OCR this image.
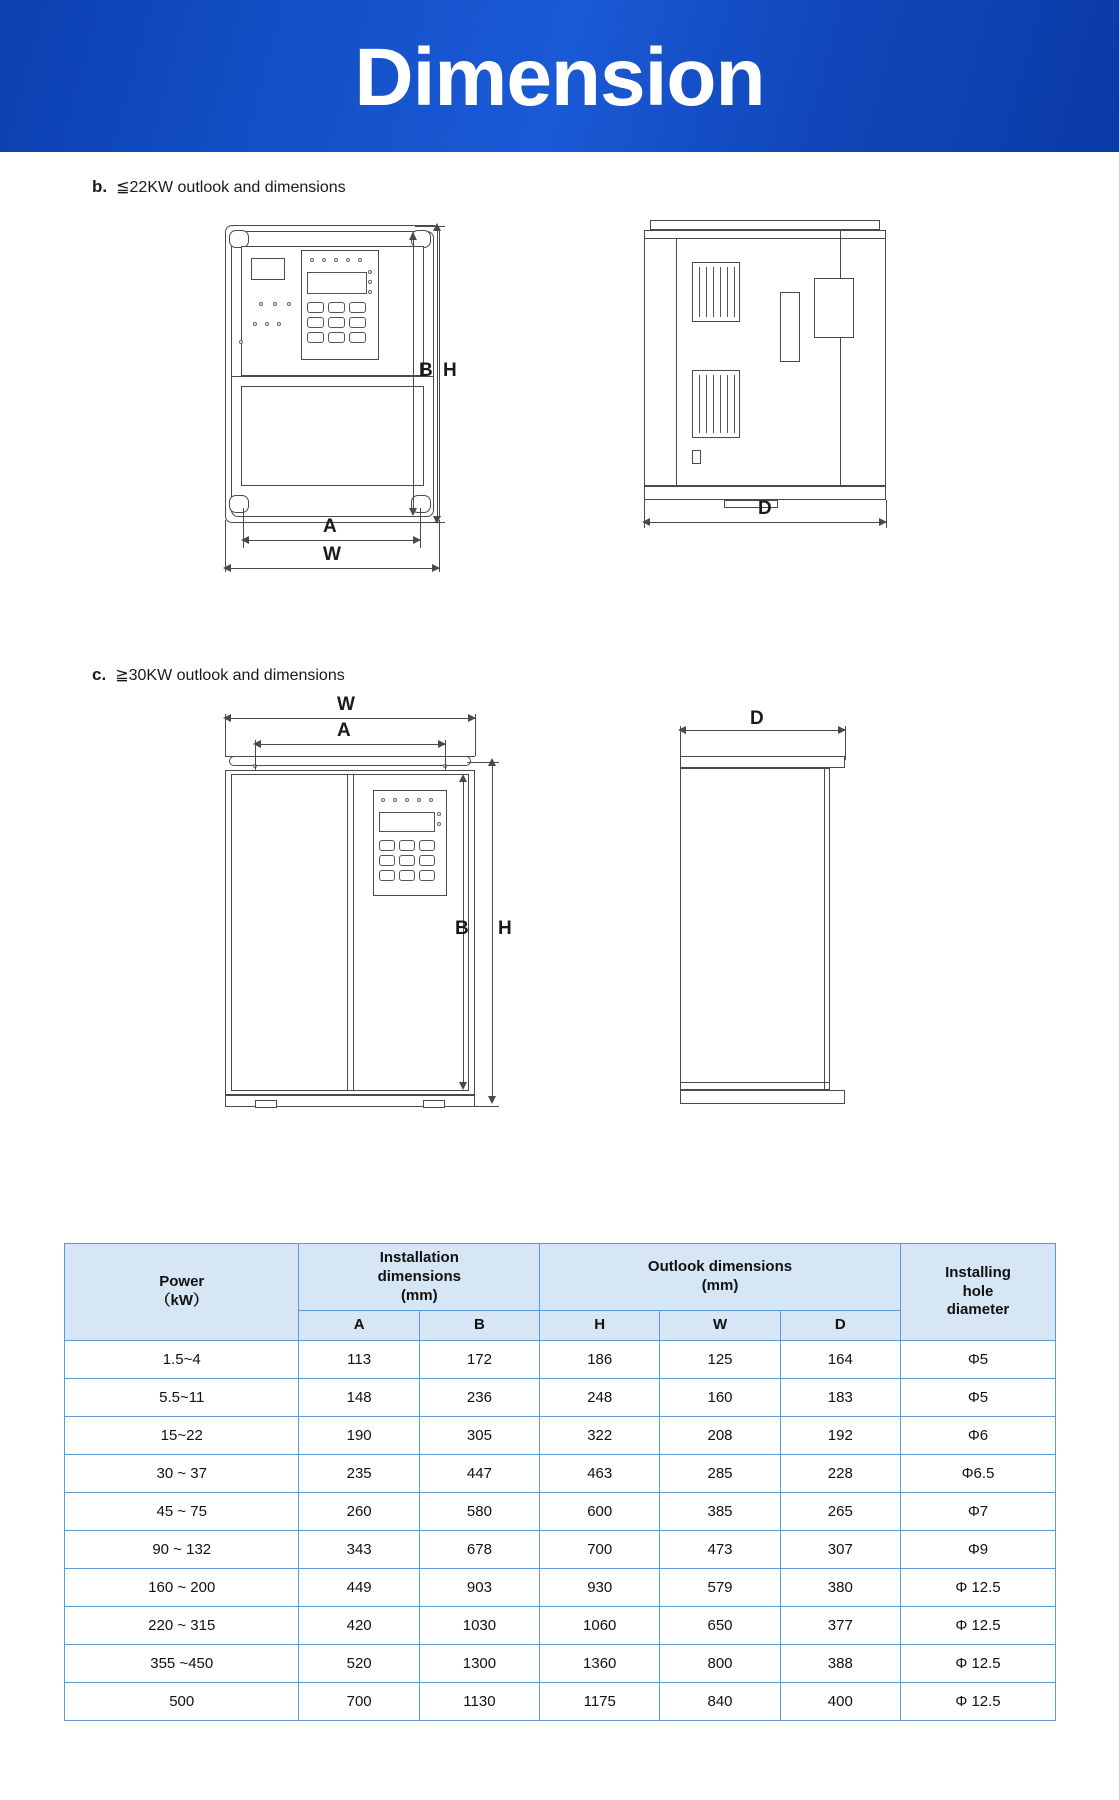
Dimension
b. ≦22KW outlook and dimensions
B H
A
W
D
c. ≧30KW outlook and dimensions
W
A
B H
D
Power
（kW）

Installation
dimensions
(mm)

Outlook dimensions
(mm)

Installing
hole
diameter

	A	B	H	W	D	
1.5~4	113	172	186	125	164	Φ5
5.5~11	148	236	248	160	183	Φ5
15~22	190	305	322	208	192	Φ6
30 ~ 37	235	447	463	285	228	Φ6.5
45 ~ 75	260	580	600	385	265	Φ7
90 ~ 132	343	678	700	473	307	Φ9
160 ~ 200	449	903	930	579	380	Φ 12.5
220 ~ 315	420	1030	1060	650	377	Φ 12.5
355 ~450	520	1300	1360	800	388	Φ 12.5
500	700	1130	1175	840	400	Φ 12.5
